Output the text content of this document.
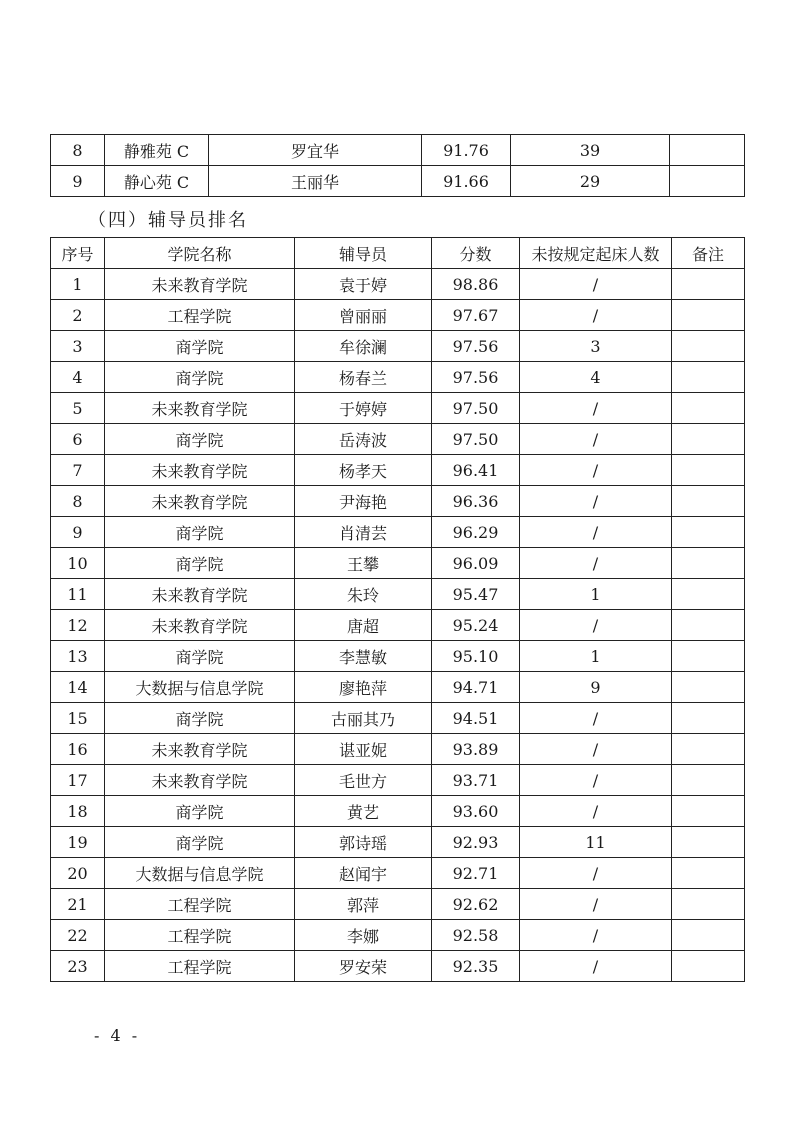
8	静雅苑 C	罗宜华	91.76	39	
9	静心苑 C	王丽华	91.66	29	
（四）辅导员排名
序号	学院名称	辅导员	分数	未按规定起床人数	备注
1	未来教育学院	袁于婷	98.86	/	
2	工程学院	曾丽丽	97.67	/	
3	商学院	牟徐澜	97.56	3	
4	商学院	杨春兰	97.56	4	
5	未来教育学院	于婷婷	97.50	/	
6	商学院	岳涛波	97.50	/	
7	未来教育学院	杨孝天	96.41	/	
8	未来教育学院	尹海艳	96.36	/	
9	商学院	肖清芸	96.29	/	
10	商学院	王攀	96.09	/	
11	未来教育学院	朱玲	95.47	1	
12	未来教育学院	唐超	95.24	/	
13	商学院	李慧敏	95.10	1	
14	大数据与信息学院	廖艳萍	94.71	9	
15	商学院	古丽其乃	94.51	/	
16	未来教育学院	谌亚妮	93.89	/	
17	未来教育学院	毛世方	93.71	/	
18	商学院	黄艺	93.60	/	
19	商学院	郭诗瑶	92.93	11	
20	大数据与信息学院	赵闻宇	92.71	/	
21	工程学院	郭萍	92.62	/	
22	工程学院	李娜	92.58	/	
23	工程学院	罗安荣	92.35	/	
- 4 -
